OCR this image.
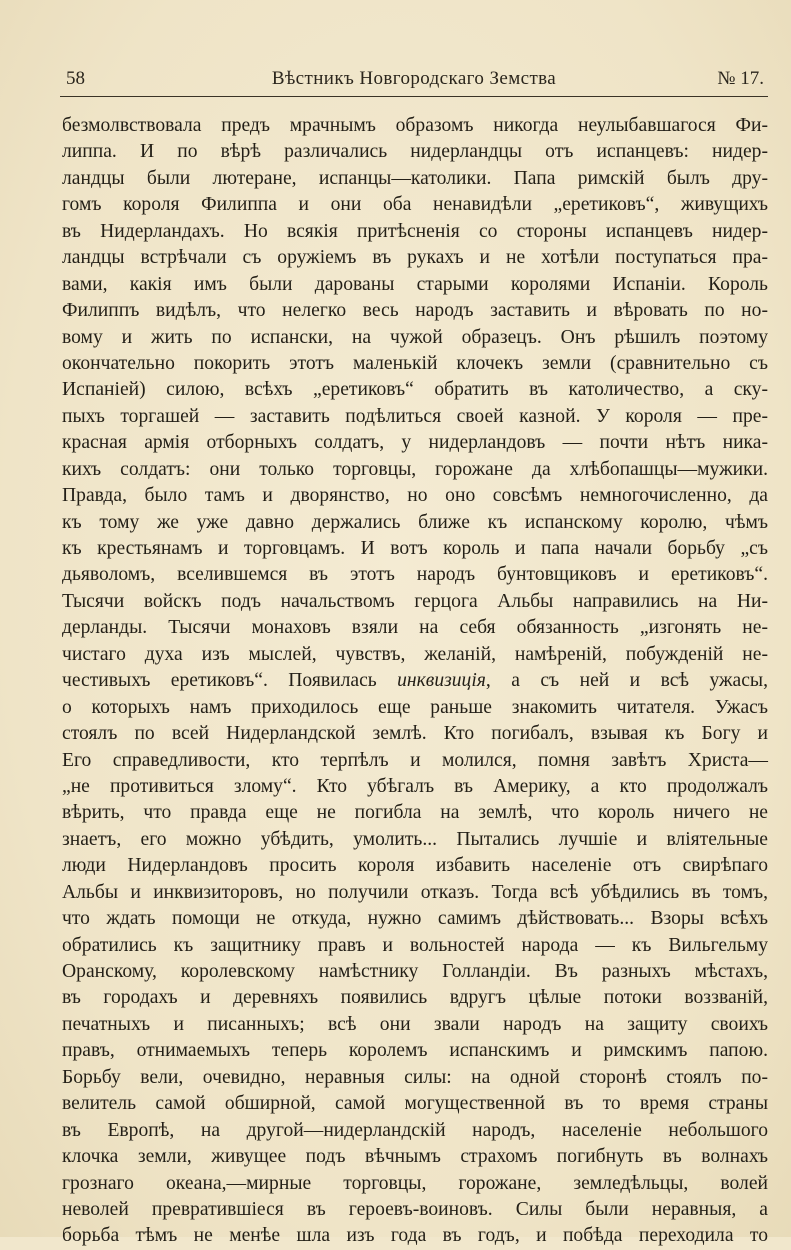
58	Вѣстникъ Новгородскаго Земства	№ 17.
безмолвствовала предъ мрачнымъ образомъ никогда неулыбавшагося Фи-
липпа. И по вѣрѣ различались нидерландцы отъ испанцевъ: нидер-
ландцы были лютеране, испанцы—католики. Папа римскій былъ дру-
гомъ короля Филиппа и они оба ненавидѣли „еретиковъ“, живущихъ
въ Нидерландахъ. Но всякія притѣсненія со стороны испанцевъ нидер-
ландцы встрѣчали съ оружіемъ въ рукахъ и не хотѣли поступаться пра-
вами, какія имъ были дарованы старыми королями Испаніи. Король
Филиппъ видѣлъ, что нелегко весь народъ заставить и вѣровать по но-
вому и жить по испански, на чужой образецъ. Онъ рѣшилъ поэтому
окончательно покорить этотъ маленькій клочекъ земли (сравнительно съ
Испаніей) силою, всѣхъ „еретиковъ“ обратить въ католичество, а ску-
пыхъ торгашей — заставить подѣлиться своей казной. У короля — пре-
красная армія отборныхъ солдатъ, у нидерландовъ — почти нѣтъ ника-
кихъ солдатъ: они только торговцы, горожане да хлѣбопашцы—мужики.
Правда, было тамъ и дворянство, но оно совсѣмъ немногочисленно, да
къ тому же уже давно держались ближе къ испанскому королю, чѣмъ
къ крестьянамъ и торговцамъ. И вотъ король и папа начали борьбу „съ
дьяволомъ, вселившемся въ этотъ народъ бунтовщиковъ и еретиковъ“.
Тысячи войскъ подъ начальствомъ герцога Альбы направились на Ни-
дерланды. Тысячи монаховъ взяли на себя обязанность „изгонять не-
чистаго духа изъ мыслей, чувствъ, желаній, намѣреній, побужденій не-
честивыхъ еретиковъ“. Появилась инквизиція, а съ ней и всѣ ужасы,
о которыхъ намъ приходилось еще раньше знакомить читателя. Ужасъ
стоялъ по всей Нидерландской землѣ. Кто погибалъ, взывая къ Богу и
Его справедливости, кто терпѣлъ и молился, помня завѣтъ Христа—
„не противиться злому“. Кто убѣгалъ въ Америку, а кто продолжалъ
вѣрить, что правда еще не погибла на землѣ, что король ничего не
знаетъ, его можно убѣдить, умолить... Пытались лучшіе и вліятельные
люди Нидерландовъ просить короля избавить населеніе отъ свирѣпаго
Альбы и инквизиторовъ, но получили отказъ. Тогда всѣ убѣдились въ томъ,
что ждать помощи не откуда, нужно самимъ дѣйствовать... Взоры всѣхъ
обратились къ защитнику правъ и вольностей народа — къ Вильгельму
Оранскому, королевскому намѣстнику Голландіи. Въ разныхъ мѣстахъ,
въ городахъ и деревняхъ появились вдругъ цѣлые потоки воззваній,
печатныхъ и писанныхъ; всѣ они звали народъ на защиту своихъ
правъ, отнимаемыхъ теперь королемъ испанскимъ и римскимъ папою.
Борьбу вели, очевидно, неравныя силы: на одной сторонѣ стоялъ по-
велитель самой обширной, самой могущественной въ то время страны
въ Европѣ, на другой—нидерландскій народъ, населеніе небольшого
клочка земли, живущее подъ вѣчнымъ страхомъ погибнуть въ волнахъ
грознаго океана,—мирные торговцы, горожане, земледѣльцы, волей
неволей превратившіеся въ героевъ-воиновъ. Силы были неравныя, а
борьба тѣмъ не менѣе шла изъ года въ годъ, и побѣда переходила то
